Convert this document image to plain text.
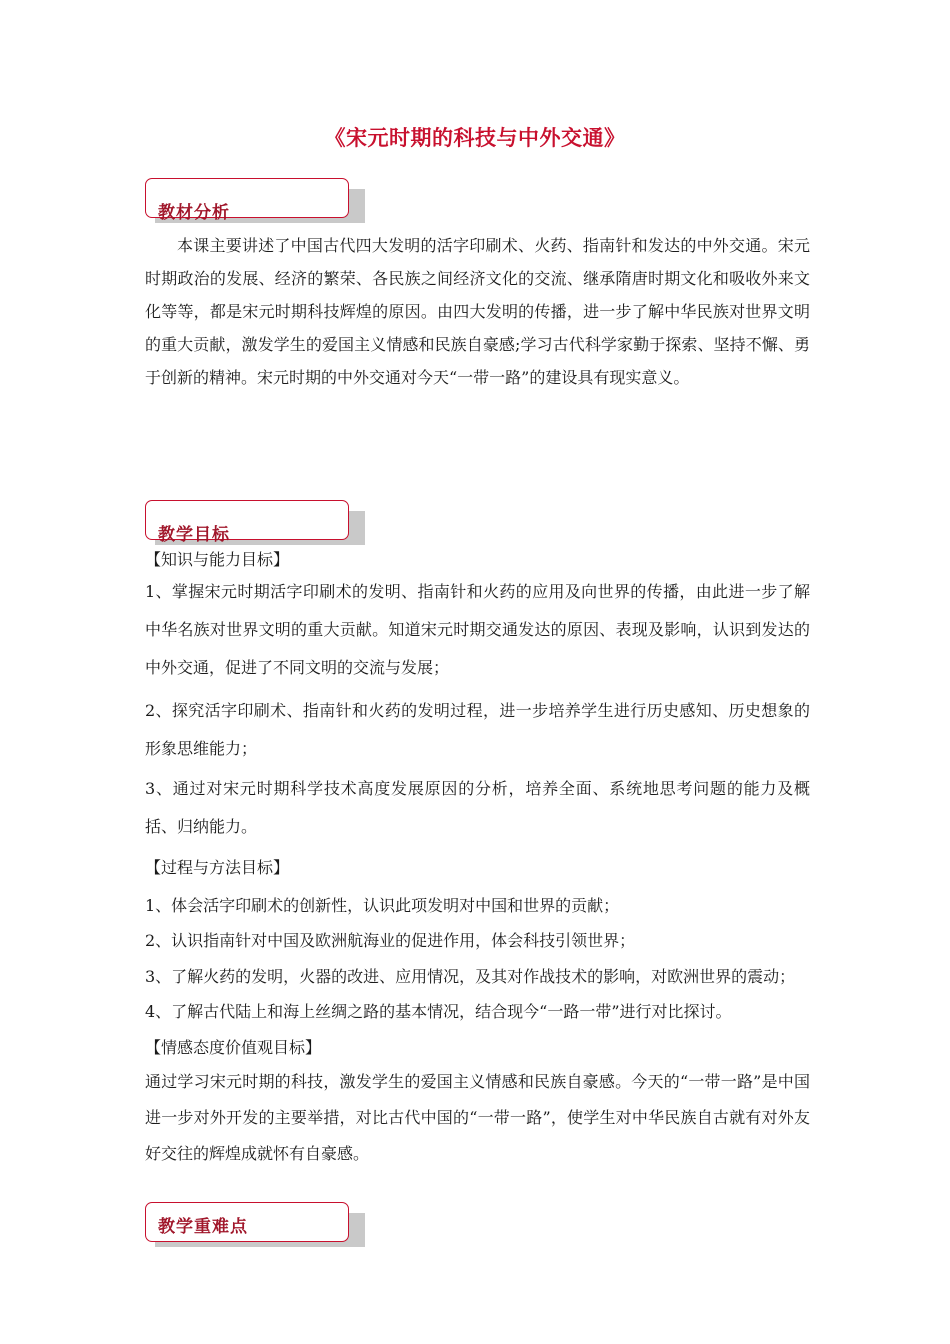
《宋元时期的科技与中外交通》
教材分析

本课主要讲述了中国古代四大发明的活字印刷术、火药、指南针和发达的中外交通。宋元时期政治的发展、经济的繁荣、各民族之间经济文化的交流、继承隋唐时期文化和吸收外来文化等等，都是宋元时期科技辉煌的原因。由四大发明的传播，进一步了解中华民族对世界文明的重大贡献，激发学生的爱国主义情感和民族自豪感;学习古代科学家勤于探索、坚持不懈、勇于创新的精神。宋元时期的中外交通对今天“一带一路”的建设具有现实意义。

教学目标

【知识与能力目标】

1、掌握宋元时期活字印刷术的发明、指南针和火药的应用及向世界的传播，由此进一步了解中华名族对世界文明的重大贡献。知道宋元时期交通发达的原因、表现及影响，认识到发达的中外交通，促进了不同文明的交流与发展；

2、探究活字印刷术、指南针和火药的发明过程，进一步培养学生进行历史感知、历史想象的形象思维能力；

3、通过对宋元时期科学技术高度发展原因的分析，培养全面、系统地思考问题的能力及概括、归纳能力。

【过程与方法目标】

1、体会活字印刷术的创新性，认识此项发明对中国和世界的贡献；

2、认识指南针对中国及欧洲航海业的促进作用，体会科技引领世界；

3、了解火药的发明，火器的改进、应用情况，及其对作战技术的影响，对欧洲世界的震动；

4、了解古代陆上和海上丝绸之路的基本情况，结合现今“一路一带”进行对比探讨。

【情感态度价值观目标】

通过学习宋元时期的科技，激发学生的爱国主义情感和民族自豪感。今天的“一带一路”是中国进一步对外开发的主要举措，对比古代中国的“一带一路”，使学生对中华民族自古就有对外友好交往的辉煌成就怀有自豪感。

教学重难点
